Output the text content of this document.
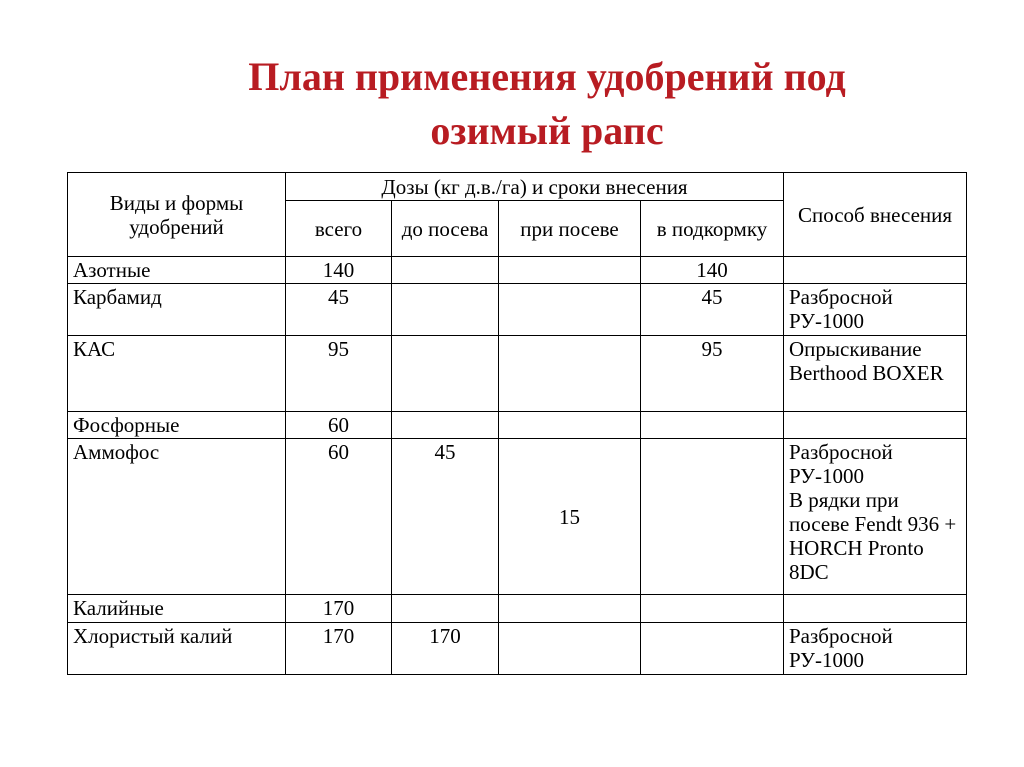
План применения удобрений под
озимый рапс
Виды и формы удобрений	Дозы (кг д.в./га) и сроки внесения				Способ внесения
	всего	до посева	при посеве	в подкормку	
Азотные	140			140	
Карбамид	45			45	Разбросной РУ-1000
КАС	95			95	Опрыскивание Berthood BOXER
Фосфорные	60				
Аммофос	60	45	15		Разбросной РУ-1000
В рядки при посеве Fendt 936 + HORCH Pronto 8DC
Калийные	170				
Хлористый калий	170	170			Разбросной РУ-1000
